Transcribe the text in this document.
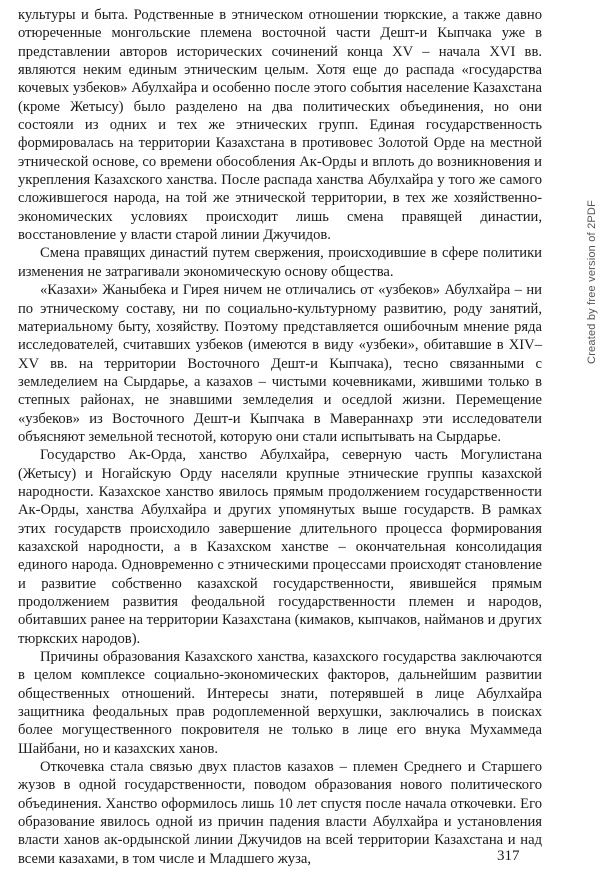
культуры и быта. Родственные в этническом отношении тюркские, а также давно отюреченные монгольские племена восточной части Дешт-и Кыпчака уже в представлении авторов исторических сочинений конца XV – начала XVI вв. являются неким единым этническим целым. Хотя еще до распада «государства кочевых узбеков» Абулхайра и особенно после этого события население Казахстана (кроме Жетысу) было разделено на два политических объединения, но они состояли из одних и тех же этнических групп. Единая государственность формировалась на территории Казахстана в противовес Золотой Орде на местной этнической основе, со времени обособления Ак-Орды и вплоть до возникновения и укрепления Казахского ханства. После распада ханства Абулхайра у того же самого сложившегося народа, на той же этнической территории, в тех же хозяйственно-экономических условиях происходит лишь смена правящей династии, восстановление у власти старой линии Джучидов.

Смена правящих династий путем свержения, происходившие в сфере политики изменения не затрагивали экономическую основу общества.

«Казахи» Жаныбека и Гирея ничем не отличались от «узбеков» Абулхайра – ни по этническому составу, ни по социально-культурному развитию, роду занятий, материальному быту, хозяйству. Поэтому представляется ошибочным мнение ряда исследователей, считавших узбеков (имеются в виду «узбеки», обитавшие в XIV–XV вв. на территории Восточного Дешт-и Кыпчака), тесно связанными с земледелием на Сырдарье, а казахов – чистыми кочевниками, жившими только в степных районах, не знавшими земледелия и оседлой жизни. Перемещение «узбеков» из Восточного Дешт-и Кыпчака в Мавераннахр эти исследователи объясняют земельной теснотой, которую они стали испытывать на Сырдарье.

Государство Ак-Орда, ханство Абулхайра, северную часть Могулистана (Жетысу) и Ногайскую Орду населяли крупные этнические группы казахской народности. Казахское ханство явилось прямым продолжением государственности Ак-Орды, ханства Абулхайра и других упомянутых выше государств. В рамках этих государств происходило завершение длительного процесса формирования казахской народности, а в Казахском ханстве – окончательная консолидация единого народа. Одновременно с этническими процессами происходят становление и развитие собственно казахской государственности, явившейся прямым продолжением развития феодальной государственности племен и народов, обитавших ранее на территории Казахстана (кимаков, кыпчаков, найманов и других тюркских народов).

Причины образования Казахского ханства, казахского государства заключаются в целом комплексе социально-экономических факторов, дальнейшим развитии общественных отношений. Интересы знати, потерявшей в лице Абулхайра защитника феодальных прав родоплеменной верхушки, заключались в поисках более могущественного покровителя не только в лице его внука Мухаммеда Шайбани, но и казахских ханов.

Откочевка стала связью двух пластов казахов – племен Среднего и Старшего жузов в одной государственности, поводом образования нового политического объединения. Ханство оформилось лишь 10 лет спустя после начала откочевки. Его образование явилось одной из причин падения власти Абулхайра и установления власти ханов ак-ордынской линии Джучидов на всей территории Казахстана и над всеми казахами, в том числе и Младшего жуза,

Created by free version of 2PDF
317
